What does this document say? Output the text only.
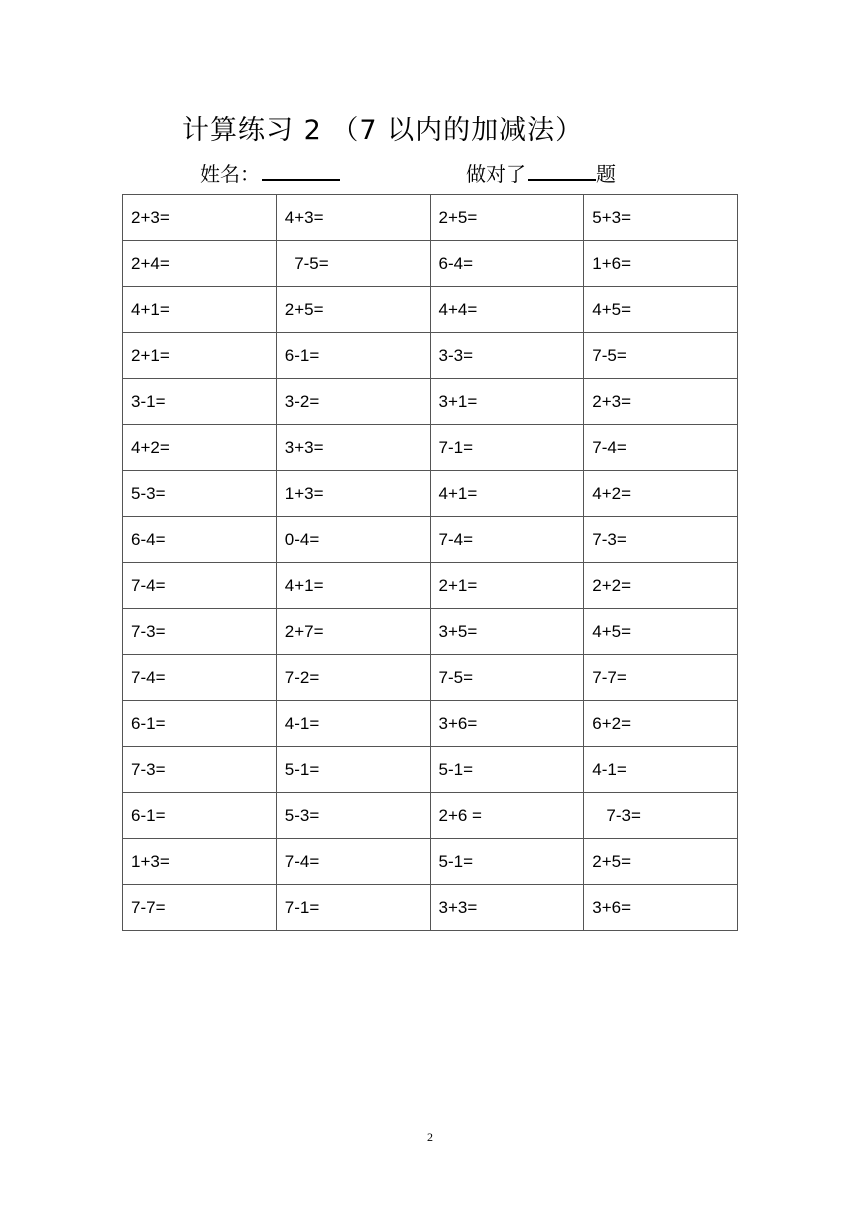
计算练习 2 （7 以内的加减法）
姓名：	做对了	题
2+3=	4+3=	2+5=	5+3=
2+4=	7-5=	6-4=	1+6=
4+1=	2+5=	4+4=	4+5=
2+1=	6-1=	3-3=	7-5=
3-1=	3-2=	3+1=	2+3=
4+2=	3+3=	7-1=	7-4=
5-3=	1+3=	4+1=	4+2=
6-4=	0-4=	7-4=	7-3=
7-4=	4+1=	2+1=	2+2=
7-3=	2+7=	3+5=	4+5=
7-4=	7-2=	7-5=	7-7=
6-1=	4-1=	3+6=	6+2=
7-3=	5-1=	5-1=	4-1=
6-1=	5-3=	2+6 =	7-3=
1+3=	7-4=	5-1=	2+5=
7-7=	7-1=	3+3=	3+6=
2
